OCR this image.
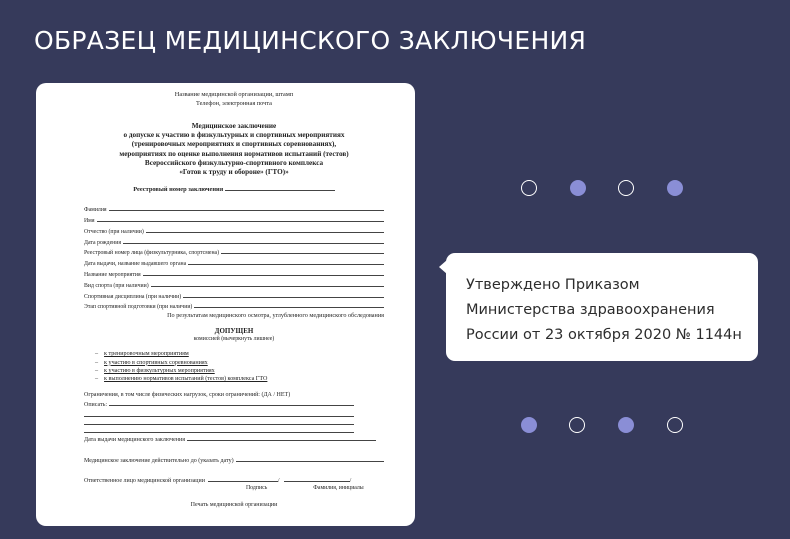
ОБРАЗЕЦ МЕДИЦИНСКОГО ЗАКЛЮЧЕНИЯ
Название медицинской организации, штамп
Телефон, электронная почта
Медицинское заключение
о допуске к участию в физкультурных и спортивных мероприятиях
(тренировочных мероприятиях и спортивных соревнованиях),
мероприятиях по оценке выполнения нормативов испытаний (тестов)
Всероссийского физкультурно-спортивного комплекса
«Готов к труду и обороне» (ГТО)»
Реестровый номер заключения
Фамилия
Имя
Отчество (при наличии)
Дата рождения
Реестровый номер лица (физкультурника, спортсмена)
Дата выдачи, название выдавшего органа
Название мероприятия
Вид спорта (при наличии)
Спортивная дисциплина (при наличии)
Этап спортивной подготовки (при наличии)
По результатам медицинского осмотра, углубленного медицинского обследования
ДОПУЩЕН
комиссией (вычеркнуть лишнее)
– к тренировочным мероприятиям
– к участию в спортивных соревнованиях
– к участию в физкультурных мероприятиях
– к выполнению нормативов испытаний (тестов) комплекса ГТО
Ограничения, в том числе физических нагрузок, сроки ограничений: (ДА / НЕТ)
Описать:
Дата выдачи медицинского заключения
Медицинское заключение действительно до (указать дату)
Ответственное лицо медицинской организации	/	/
Подпись	Фамилия, инициалы
Печать медицинской организации
Утверждено Приказом
Министерства здравоохранения
России от 23 октября 2020 № 1144н
